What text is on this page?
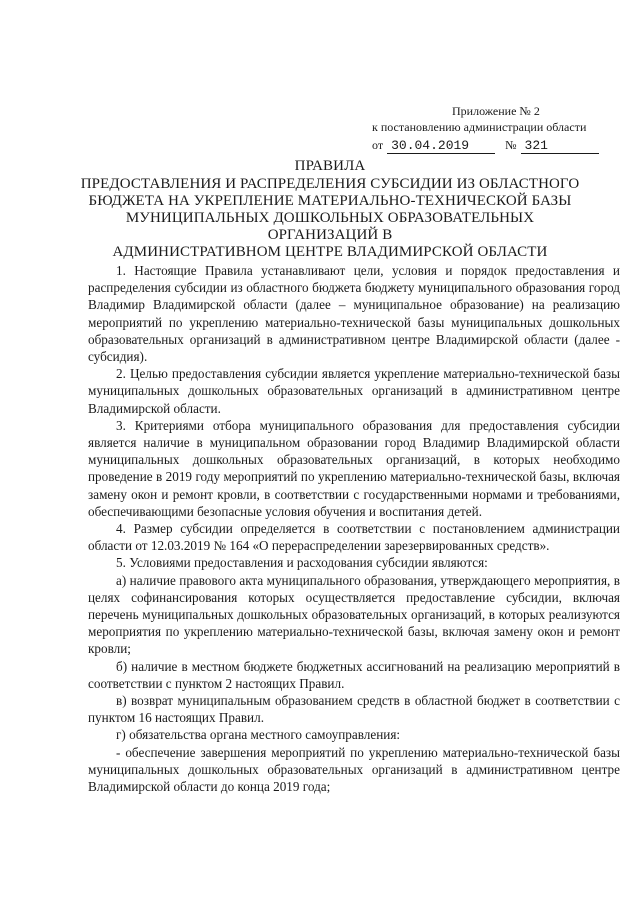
Приложение № 2
к постановлению администрации области
от 30.04.2019	№ 321
ПРАВИЛА
ПРЕДОСТАВЛЕНИЯ И РАСПРЕДЕЛЕНИЯ СУБСИДИИ ИЗ ОБЛАСТНОГО
БЮДЖЕТА НА УКРЕПЛЕНИЕ МАТЕРИАЛЬНО-ТЕХНИЧЕСКОЙ БАЗЫ
МУНИЦИПАЛЬНЫХ ДОШКОЛЬНЫХ ОБРАЗОВАТЕЛЬНЫХ ОРГАНИЗАЦИЙ В
АДМИНИСТРАТИВНОМ ЦЕНТРЕ ВЛАДИМИРСКОЙ ОБЛАСТИ

1. Настоящие Правила устанавливают цели, условия и порядок предоставления и распределения субсидии из областного бюджета бюджету муниципального образования город Владимир Владимирской области (далее – муниципальное образование) на реализацию мероприятий по укреплению материально-технической базы муниципальных дошкольных образовательных организаций в административном центре Владимирской области (далее - субсидия).

2. Целью предоставления субсидии является укрепление материально-технической базы муниципальных дошкольных образовательных организаций в административном центре Владимирской области.

3. Критериями отбора муниципального образования для предоставления субсидии является наличие в муниципальном образовании город Владимир Владимирской области муниципальных дошкольных образовательных организаций, в которых необходимо проведение в 2019 году мероприятий по укреплению материально-технической базы, включая замену окон и ремонт кровли, в соответствии с государственными нормами и требованиями, обеспечивающими безопасные условия обучения и воспитания детей.

4. Размер субсидии определяется в соответствии с постановлением администрации области от 12.03.2019 № 164 «О перераспределении зарезервированных средств».

5. Условиями предоставления и расходования субсидии являются:

а) наличие правового акта муниципального образования, утверждающего мероприятия, в целях софинансирования которых осуществляется предоставление субсидии, включая перечень муниципальных дошкольных образовательных организаций, в которых реализуются мероприятия по укреплению материально-технической базы, включая замену окон и ремонт кровли;

б) наличие в местном бюджете бюджетных ассигнований на реализацию мероприятий в соответствии с пунктом 2 настоящих Правил.

в) возврат муниципальным образованием средств в областной бюджет в соответствии с пунктом 16 настоящих Правил.

г) обязательства органа местного самоуправления:

- обеспечение завершения мероприятий по укреплению материально-технической базы муниципальных дошкольных образовательных организаций в административном центре Владимирской области до конца 2019 года;
